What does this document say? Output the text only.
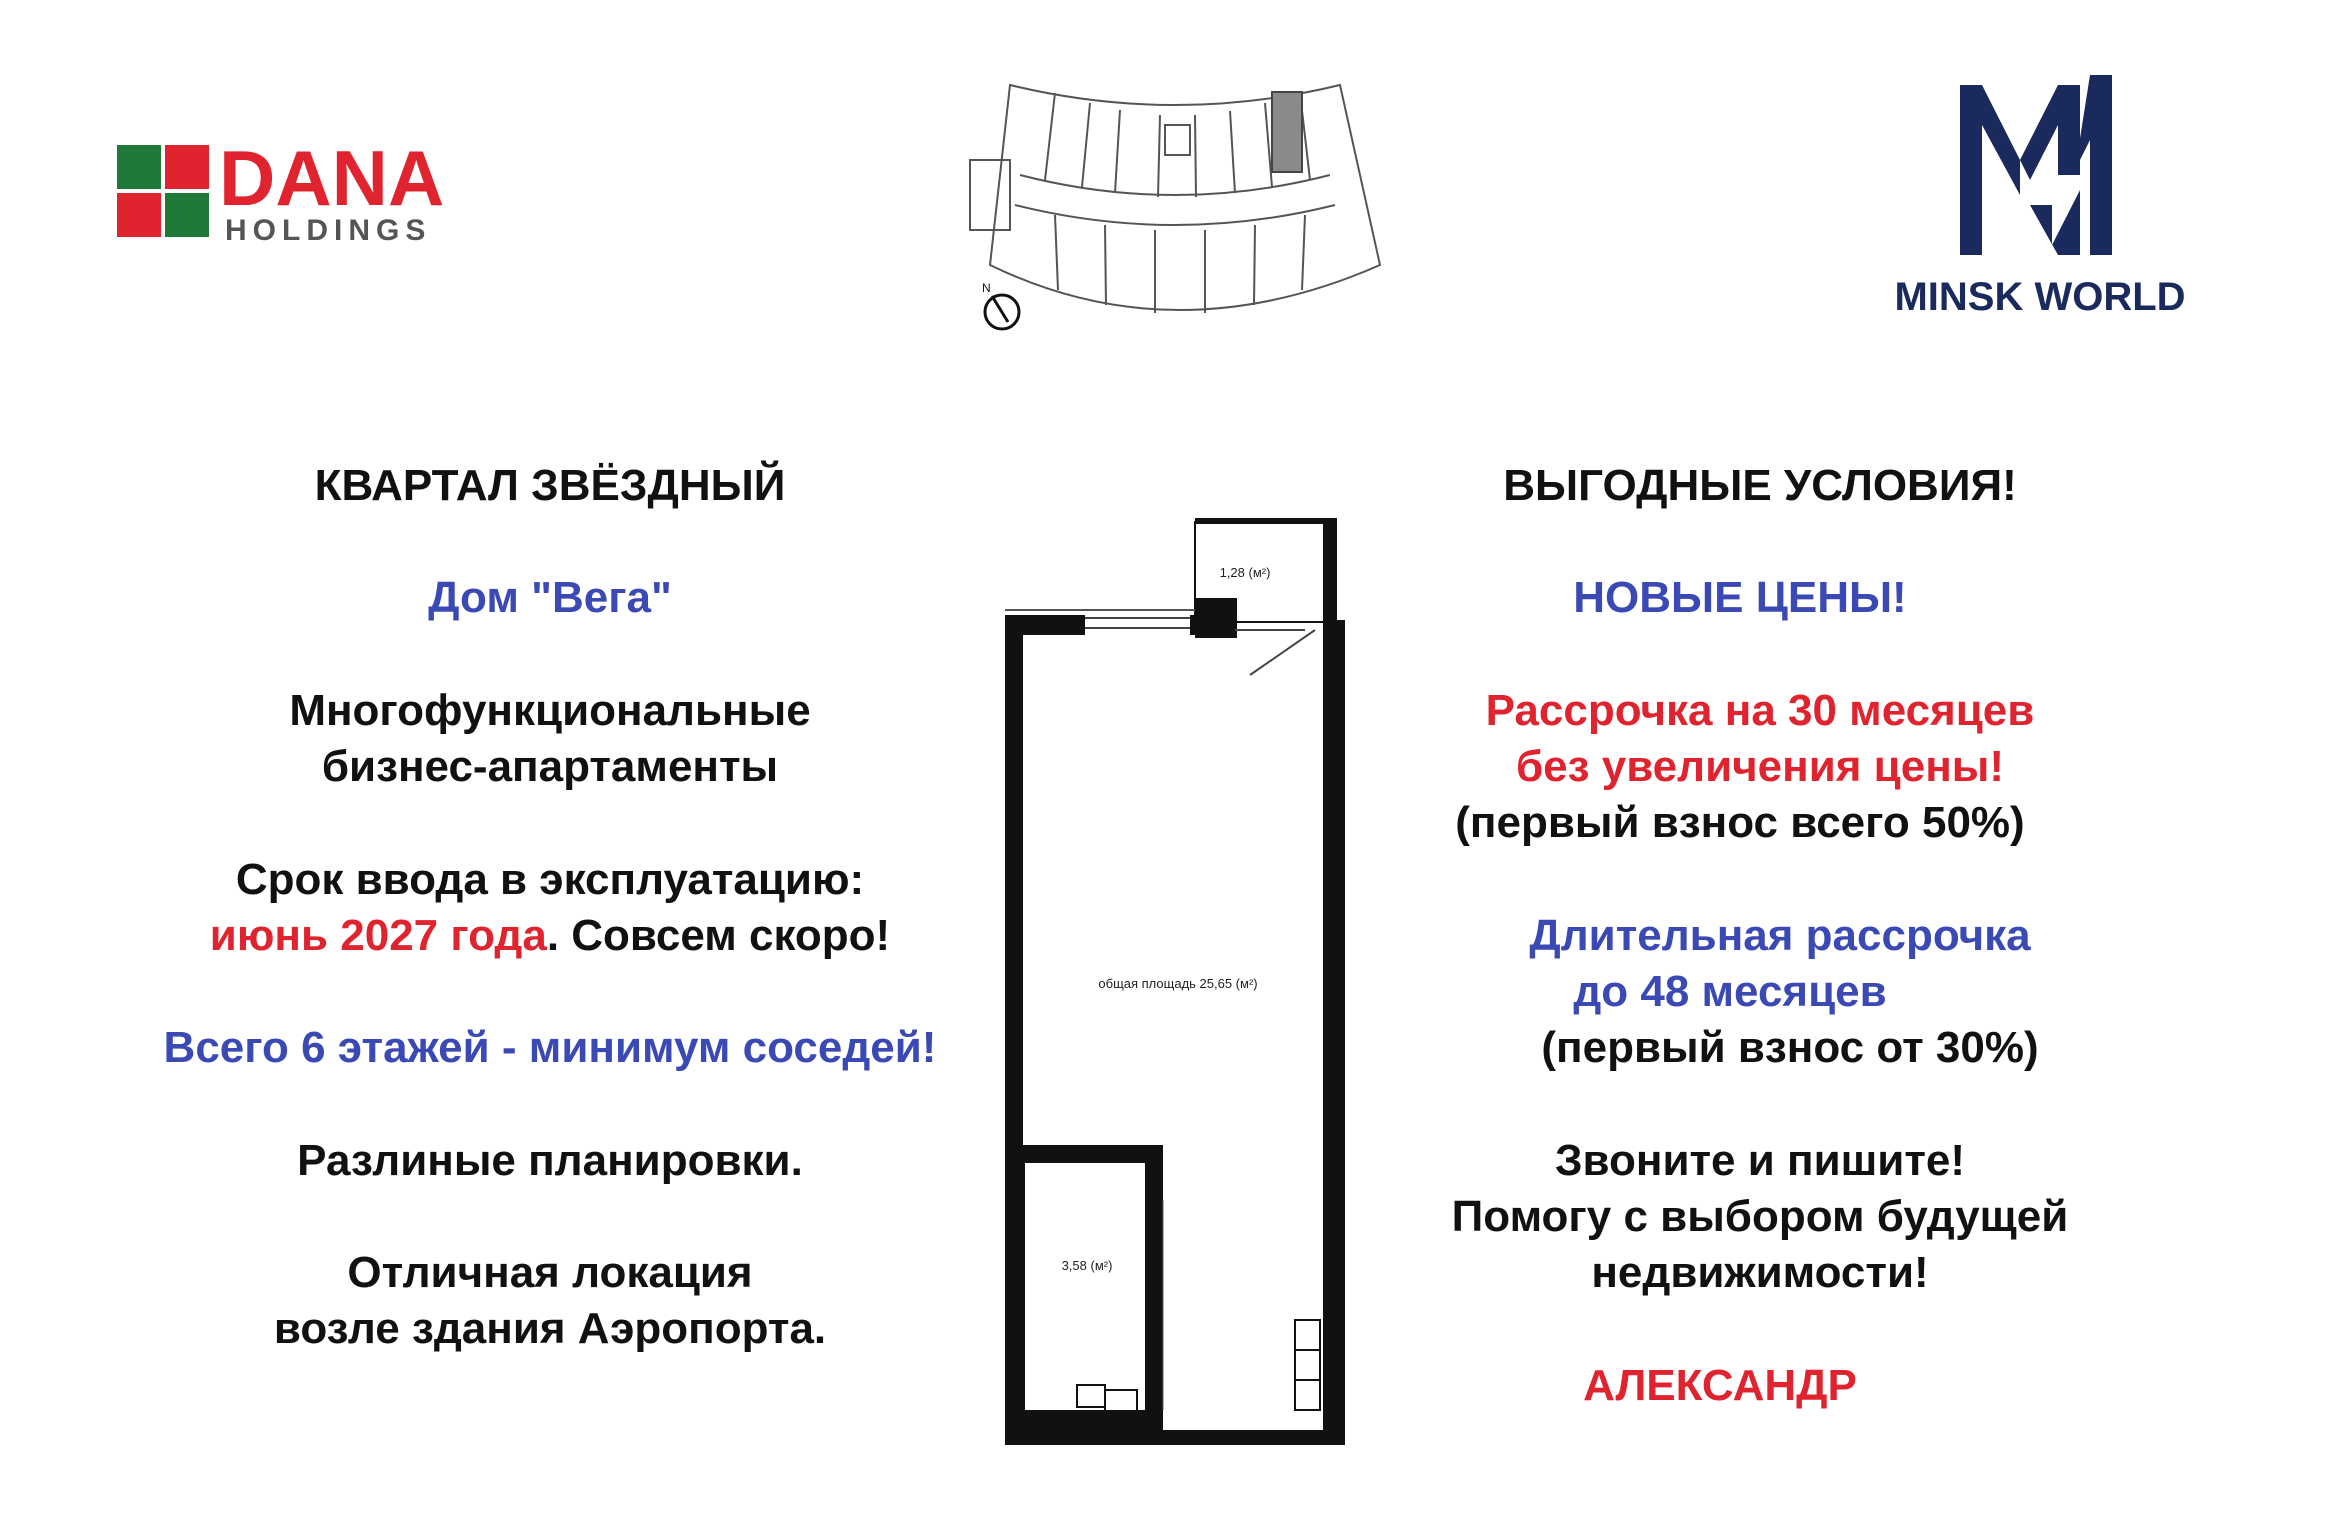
DANA
HOLDINGS
N	MINSK WORLD
КВАРТАЛ ЗВЁЗДНЫЙ
Дом "Вега"
Многофункциональные
бизнес-апартаменты
Срок ввода в эксплуатацию:
июнь 2027 года. Совсем скоро!
Всего 6 этажей - минимум соседей!
Разлиные планировки.
Отличная локация
возле здания Аэропорта.
1,28 (м²)
общая площадь 25,65 (м²)
3,58 (м²)
ВЫГОДНЫЕ УСЛОВИЯ!
НОВЫЕ ЦЕНЫ!
Рассрочка на 30 месяцев
без увеличения цены!
(первый взнос всего 50%)
Длительная рассрочка
до 48 месяцев
(первый взнос от 30%)
Звоните и пишите!
Помогу с выбором будущей
недвижимости!
АЛЕКСАНДР
